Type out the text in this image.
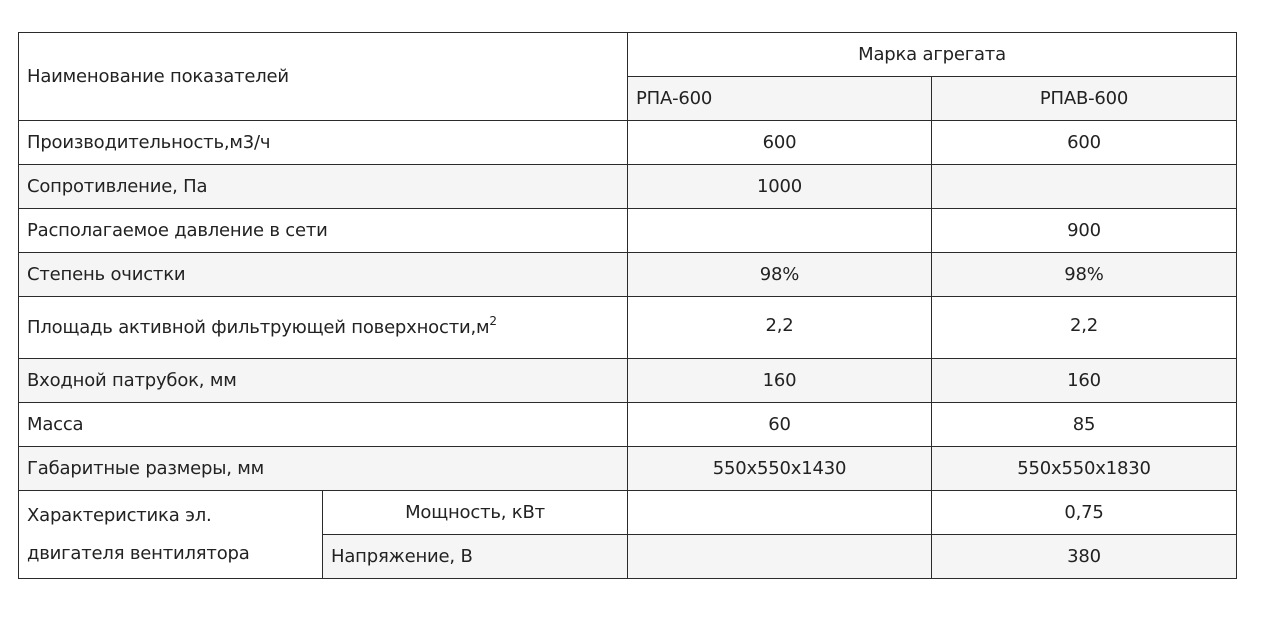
Наименование показателей		Марка агрегата	
		РПА-600	РПАВ-600
Производительность,м3/ч		600	600
Сопротивление, Па		1000	
Располагаемое давление в сети			900
Степень очистки		98%	98%
Площадь активной фильтрующей $поверхности,м^2$		2,2	2,2
Входной патрубок, мм		160	160
Масса		60	85
Габаритные размеры, мм		550x550x1430	550x550x1830

Характеристика эл.
двигателя вентилятора	Мощность, кВт		0,75
	Напряжение, В		380
